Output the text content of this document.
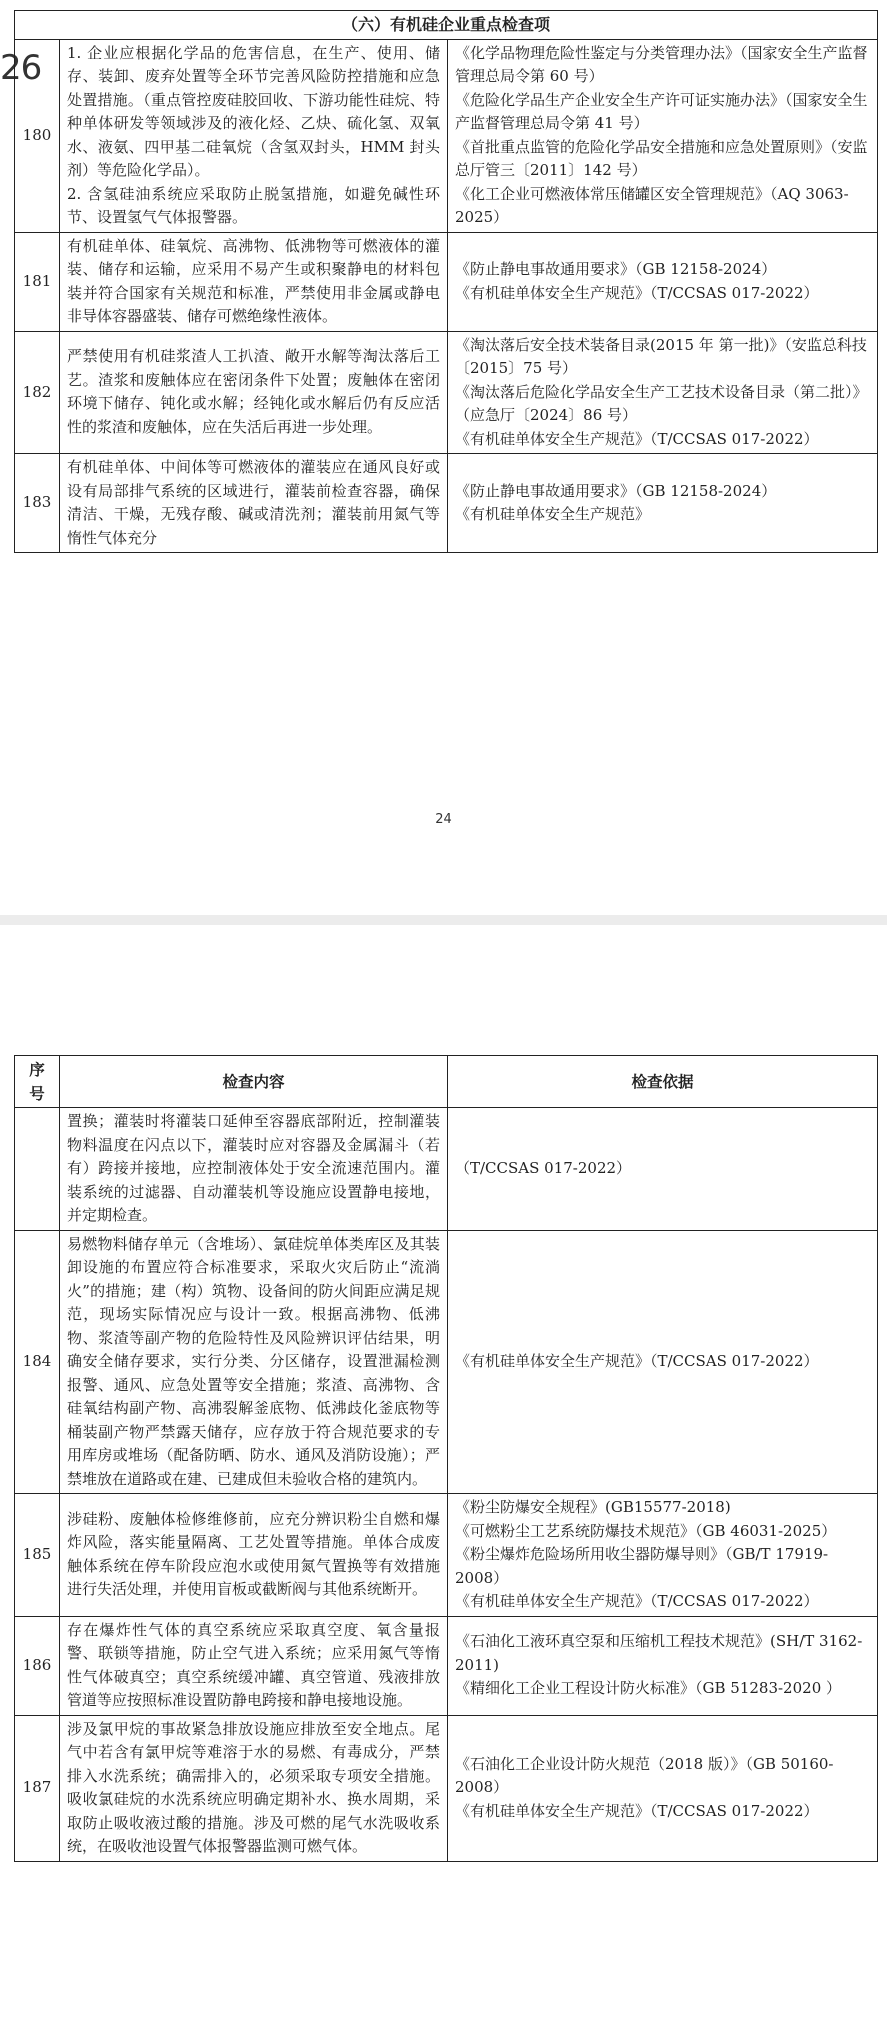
26
（六）有机硅企业重点检查项		
180	1. 企业应根据化学品的危害信息，在生产、使用、储存、装卸、废弃处置等全环节完善风险防控措施和应急处置措施。（重点管控废硅胶回收、下游功能性硅烷、特种单体研发等领域涉及的液化烃、乙炔、硫化氢、双氧水、液氨、四甲基二硅氧烷（含氢双封头，HMM 封头剂）等危险化学品）。
2. 含氢硅油系统应采取防止脱氢措施，如避免碱性环节、设置氢气气体报警器。	《化学品物理危险性鉴定与分类管理办法》（国家安全生产监督管理总局令第 60 号）
《危险化学品生产企业安全生产许可证实施办法》（国家安全生产监督管理总局令第 41 号）
《首批重点监管的危险化学品安全措施和应急处置原则》（安监总厅管三〔2011〕142 号）
《化工企业可燃液体常压储罐区安全管理规范》（AQ 3063-2025）

181	有机硅单体、硅氧烷、高沸物、低沸物等可燃液体的灌装、储存和运输，应采用不易产生或积聚静电的材料包装并符合国家有关规范和标准，严禁使用非金属或静电非导体容器盛装、储存可燃绝缘性液体。	《防止静电事故通用要求》（GB 12158-2024）
《有机硅单体安全生产规范》（T/CCSAS 017-2022）

182	严禁使用有机硅浆渣人工扒渣、敞开水解等淘汰落后工艺。渣浆和废触体应在密闭条件下处置；废触体在密闭环境下储存、钝化或水解；经钝化或水解后仍有反应活性的浆渣和废触体，应在失活后再进一步处理。	《淘汰落后安全技术装备目录(2015 年 第一批)》（安监总科技〔2015〕75 号）
《淘汰落后危险化学品安全生产工艺技术设备目录（第二批）》（应急厅〔2024〕86 号）
《有机硅单体安全生产规范》（T/CCSAS 017-2022）

183	有机硅单体、中间体等可燃液体的灌装应在通风良好或设有局部排气系统的区域进行，灌装前检查容器，确保清洁、干燥，无残存酸、碱或清洗剂；灌装前用氮气等惰性气体充分	《防止静电事故通用要求》（GB 12158-2024）
《有机硅单体安全生产规范》
24
序号	检查内容	检查依据

	置换；灌装时将灌装口延伸至容器底部附近，控制灌装物料温度在闪点以下，灌装时应对容器及金属漏斗（若有）跨接并接地，应控制液体处于安全流速范围内。灌装系统的过滤器、自动灌装机等设施应设置静电接地，并定期检查。	（T/CCSAS 017-2022）

184	易燃物料储存单元（含堆场）、氯硅烷单体类库区及其装卸设施的布置应符合标准要求，采取火灾后防止“流淌火”的措施；建（构）筑物、设备间的防火间距应满足规范，现场实际情况应与设计一致。根据高沸物、低沸物、浆渣等副产物的危险特性及风险辨识评估结果，明确安全储存要求，实行分类、分区储存，设置泄漏检测报警、通风、应急处置等安全措施；浆渣、高沸物、含硅氧结构副产物、高沸裂解釜底物、低沸歧化釜底物等桶装副产物严禁露天储存，应存放于符合规范要求的专用库房或堆场（配备防晒、防水、通风及消防设施）；严禁堆放在道路或在建、已建成但未验收合格的建筑内。	《有机硅单体安全生产规范》（T/CCSAS 017-2022）

185	涉硅粉、废触体检修维修前，应充分辨识粉尘自燃和爆炸风险，落实能量隔离、工艺处置等措施。单体合成废触体系统在停车阶段应泡水或使用氮气置换等有效措施进行失活处理，并使用盲板或截断阀与其他系统断开。	《粉尘防爆安全规程》(GB15577-2018)
《可燃粉尘工艺系统防爆技术规范》（GB 46031-2025）
《粉尘爆炸危险场所用收尘器防爆导则》（GB/T 17919-2008）
《有机硅单体安全生产规范》（T/CCSAS 017-2022）

186	存在爆炸性气体的真空系统应采取真空度、氧含量报警、联锁等措施，防止空气进入系统；应采用氮气等惰性气体破真空；真空系统缓冲罐、真空管道、残液排放管道等应按照标准设置防静电跨接和静电接地设施。	《石油化工液环真空泵和压缩机工程技术规范》(SH/T 3162-2011)
《精细化工企业工程设计防火标准》（GB 51283-2020 ）

187	涉及氯甲烷的事故紧急排放设施应排放至安全地点。尾气中若含有氯甲烷等难溶于水的易燃、有毒成分，严禁排入水洗系统；确需排入的，必须采取专项安全措施。吸收氯硅烷的水洗系统应明确定期补水、换水周期，采取防止吸收液过酸的措施。涉及可燃的尾气水洗吸收系统，在吸收池设置气体报警器监测可燃气体。	《石油化工企业设计防火规范（2018 版）》（GB 50160-2008）
《有机硅单体安全生产规范》（T/CCSAS 017-2022）
